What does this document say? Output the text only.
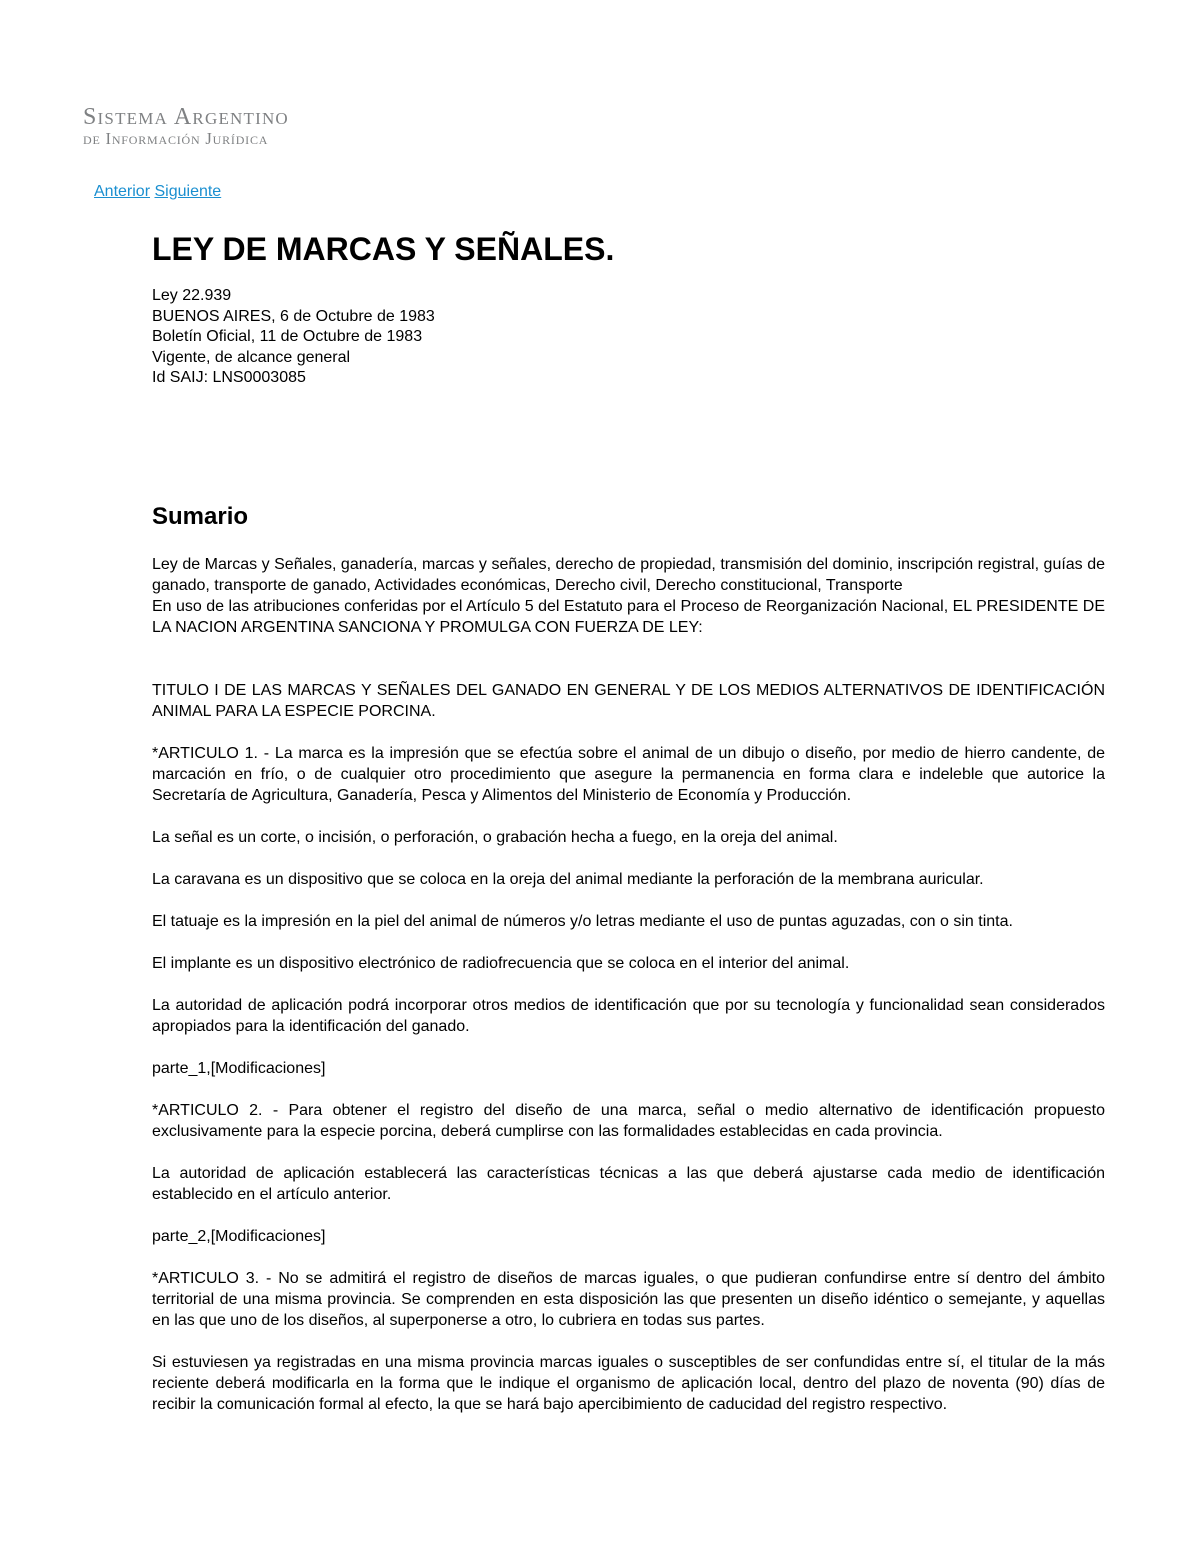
Sistema Argentino
de Información Jurídica
Anterior Siguiente
LEY DE MARCAS Y SEÑALES.
Ley 22.939
BUENOS AIRES, 6 de Octubre de 1983
Boletín Oficial, 11 de Octubre de 1983
Vigente, de alcance general
Id SAIJ: LNS0003085
Sumario

Ley de Marcas y Señales, ganadería, marcas y señales, derecho de propiedad, transmisión del dominio, inscripción registral, guías de ganado, transporte de ganado, Actividades económicas, Derecho civil, Derecho constitucional, Transporte

En uso de las atribuciones conferidas por el Artículo 5 del Estatuto para el Proceso de Reorganización Nacional, EL PRESIDENTE DE LA NACION ARGENTINA SANCIONA Y PROMULGA CON FUERZA DE LEY:

TITULO I DE LAS MARCAS Y SEÑALES DEL GANADO EN GENERAL Y DE LOS MEDIOS ALTERNATIVOS DE IDENTIFICACIÓN ANIMAL PARA LA ESPECIE PORCINA.

*ARTICULO 1. - La marca es la impresión que se efectúa sobre el animal de un dibujo o diseño, por medio de hierro candente, de marcación en frío, o de cualquier otro procedimiento que asegure la permanencia en forma clara e indeleble que autorice la Secretaría de Agricultura, Ganadería, Pesca y Alimentos del Ministerio de Economía y Producción.

La señal es un corte, o incisión, o perforación, o grabación hecha a fuego, en la oreja del animal.

La caravana es un dispositivo que se coloca en la oreja del animal mediante la perforación de la membrana auricular.

El tatuaje es la impresión en la piel del animal de números y/o letras mediante el uso de puntas aguzadas, con o sin tinta.

El implante es un dispositivo electrónico de radiofrecuencia que se coloca en el interior del animal.

La autoridad de aplicación podrá incorporar otros medios de identificación que por su tecnología y funcionalidad sean considerados apropiados para la identificación del ganado.

parte_1,[Modificaciones]

*ARTICULO 2. - Para obtener el registro del diseño de una marca, señal o medio alternativo de identificación propuesto exclusivamente para la especie porcina, deberá cumplirse con las formalidades establecidas en cada provincia.

La autoridad de aplicación establecerá las características técnicas a las que deberá ajustarse cada medio de identificación establecido en el artículo anterior.

parte_2,[Modificaciones]

*ARTICULO 3. - No se admitirá el registro de diseños de marcas iguales, o que pudieran confundirse entre sí dentro del ámbito territorial de una misma provincia. Se comprenden en esta disposición las que presenten un diseño idéntico o semejante, y aquellas en las que uno de los diseños, al superponerse a otro, lo cubriera en todas sus partes.

Si estuviesen ya registradas en una misma provincia marcas iguales o susceptibles de ser confundidas entre sí, el titular de la más reciente deberá modificarla en la forma que le indique el organismo de aplicación local, dentro del plazo de noventa (90) días de recibir la comunicación formal al efecto, la que se hará bajo apercibimiento de caducidad del registro respectivo.
